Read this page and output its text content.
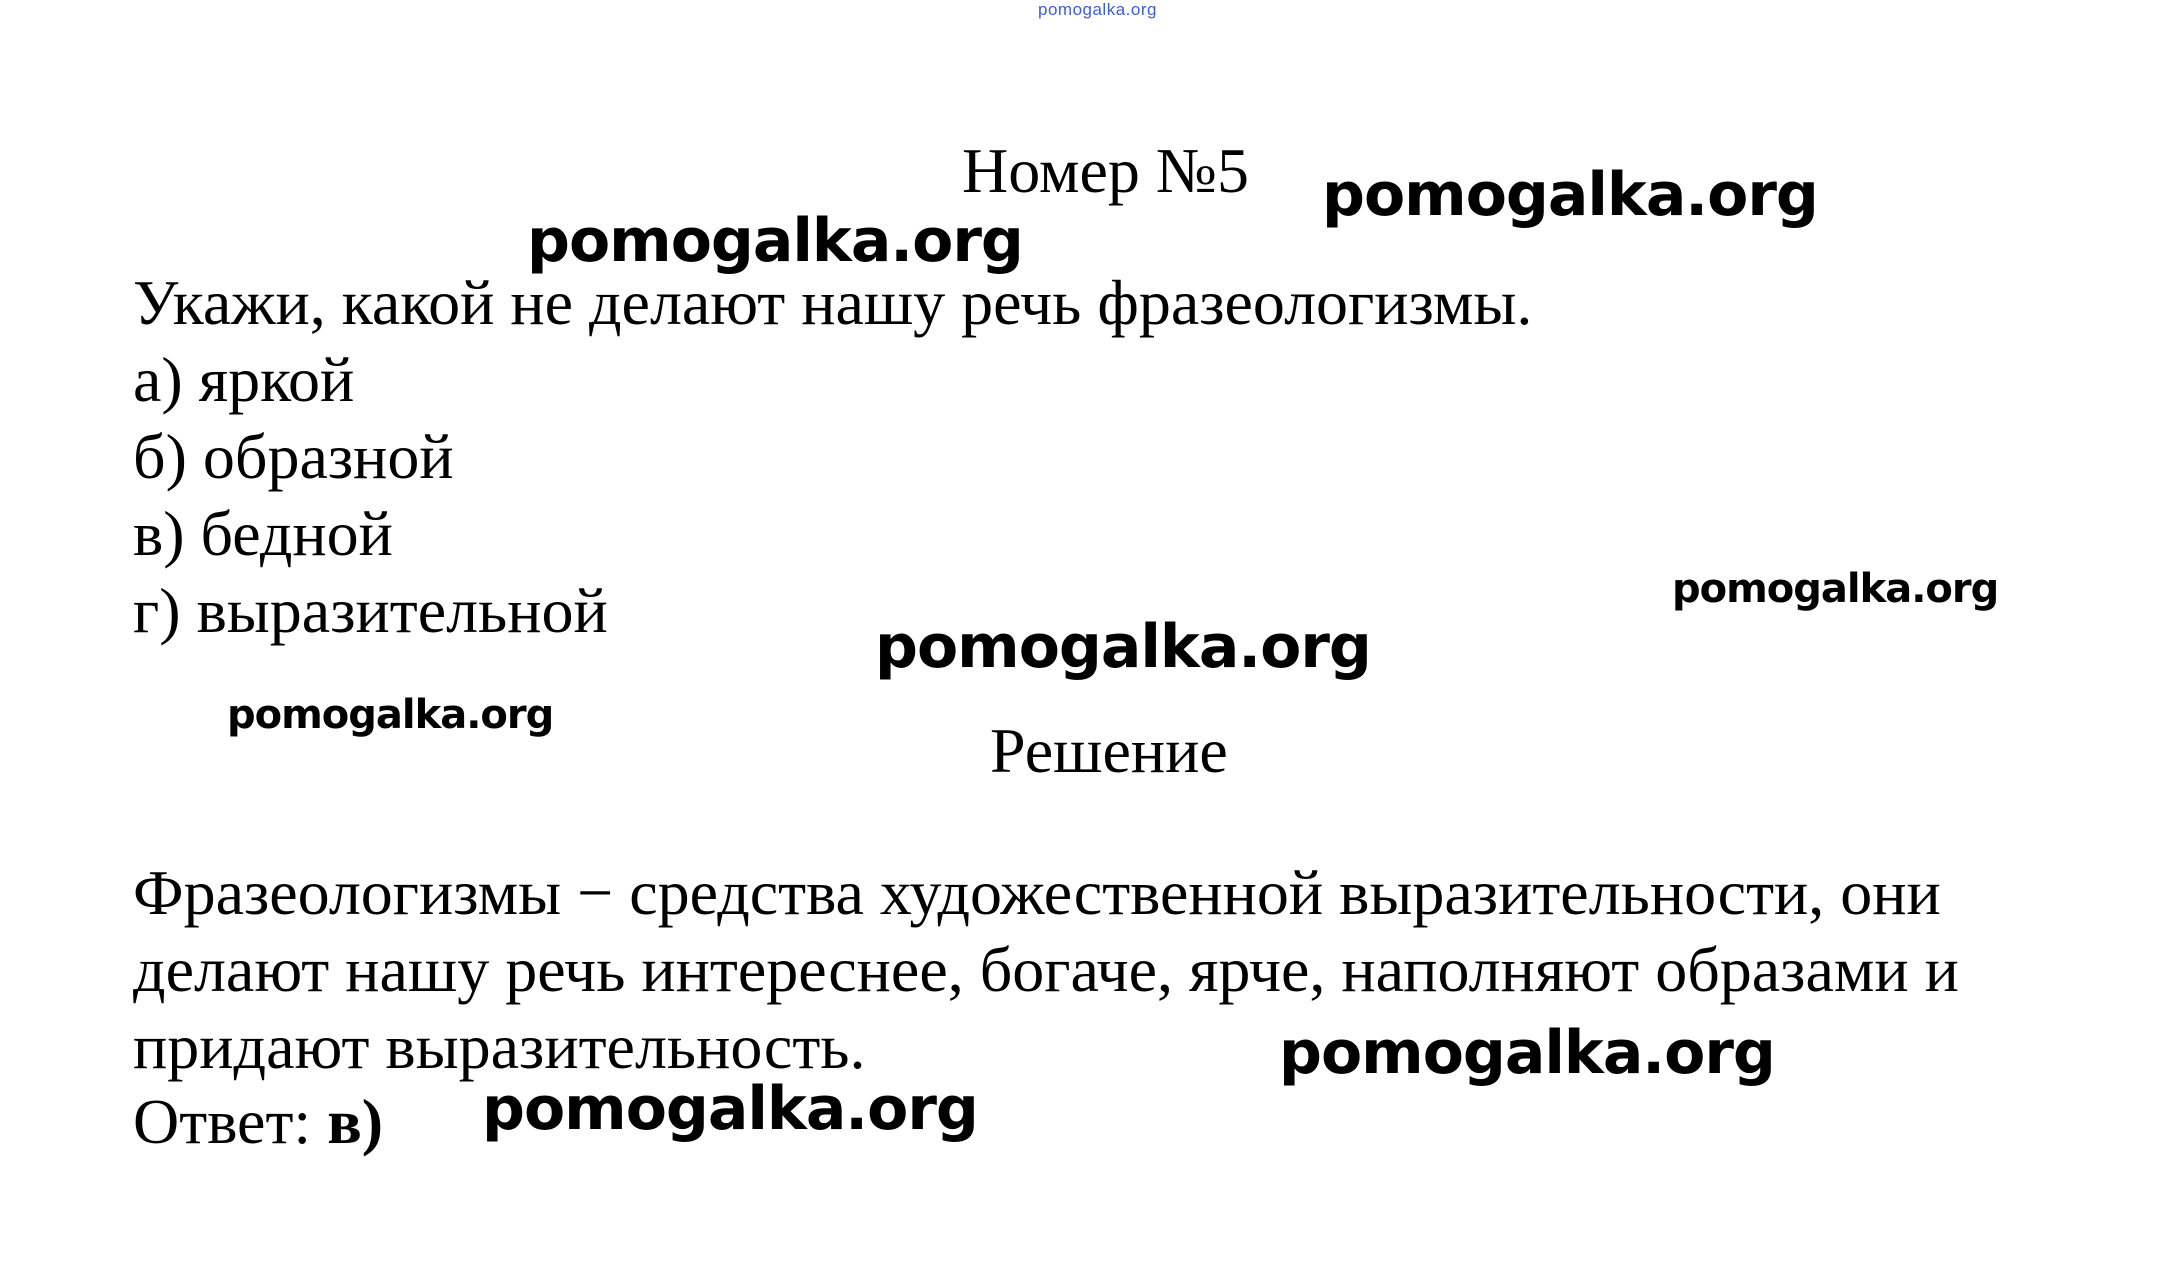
pomogalka.org
Номер №5
Укажи, какой не делают нашу речь фразеологизмы.
а) яркой
б) образной
в) бедной
г) выразительной
Решение
Фразеологизмы − средства художественной выразительности, они делают нашу речь интереснее, богаче, ярче, наполняют образами и придают выразительность.
Ответ: в)
pomogalka.org
pomogalka.org
pomogalka.org
pomogalka.org
pomogalka.org
pomogalka.org
pomogalka.org
